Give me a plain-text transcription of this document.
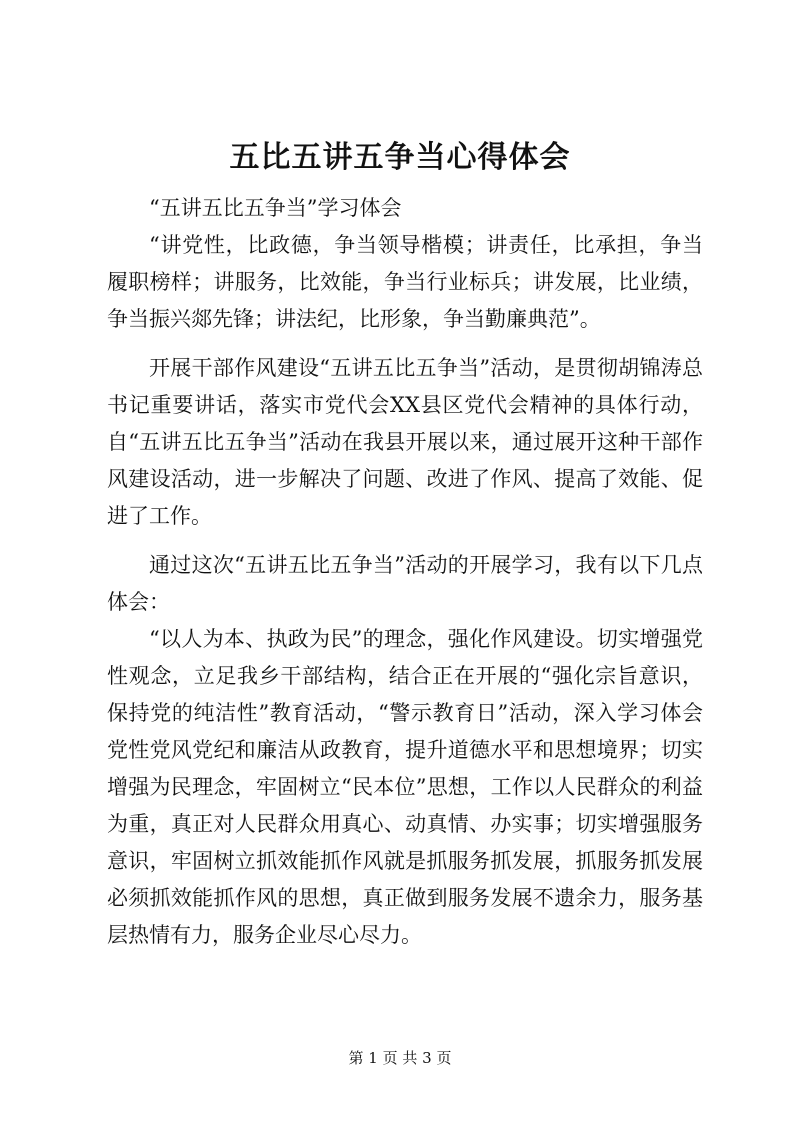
五比五讲五争当心得体会

“五讲五比五争当”学习体会

“讲党性，比政德，争当领导楷模；讲责任，比承担，争当履职榜样；讲服务，比效能，争当行业标兵；讲发展，比业绩，争当振兴郯先锋；讲法纪，比形象，争当勤廉典范”。

开展干部作风建设“五讲五比五争当”活动，是贯彻胡锦涛总书记重要讲话，落实市党代会XX县区党代会精神的具体行动，自“五讲五比五争当”活动在我县开展以来，通过展开这种干部作风建设活动，进一步解决了问题、改进了作风、提高了效能、促进了工作。

通过这次“五讲五比五争当”活动的开展学习，我有以下几点体会：

“以人为本、执政为民”的理念，强化作风建设。切实增强党性观念，立足我乡干部结构，结合正在开展的“强化宗旨意识，保持党的纯洁性”教育活动，“警示教育日”活动，深入学习体会党性党风党纪和廉洁从政教育，提升道德水平和思想境界；切实增强为民理念，牢固树立“民本位”思想，工作以人民群众的利益为重，真正对人民群众用真心、动真情、办实事；切实增强服务意识，牢固树立抓效能抓作风就是抓服务抓发展，抓服务抓发展必须抓效能抓作风的思想，真正做到服务发展不遗余力，服务基层热情有力，服务企业尽心尽力。

第 1 页 共 3 页
